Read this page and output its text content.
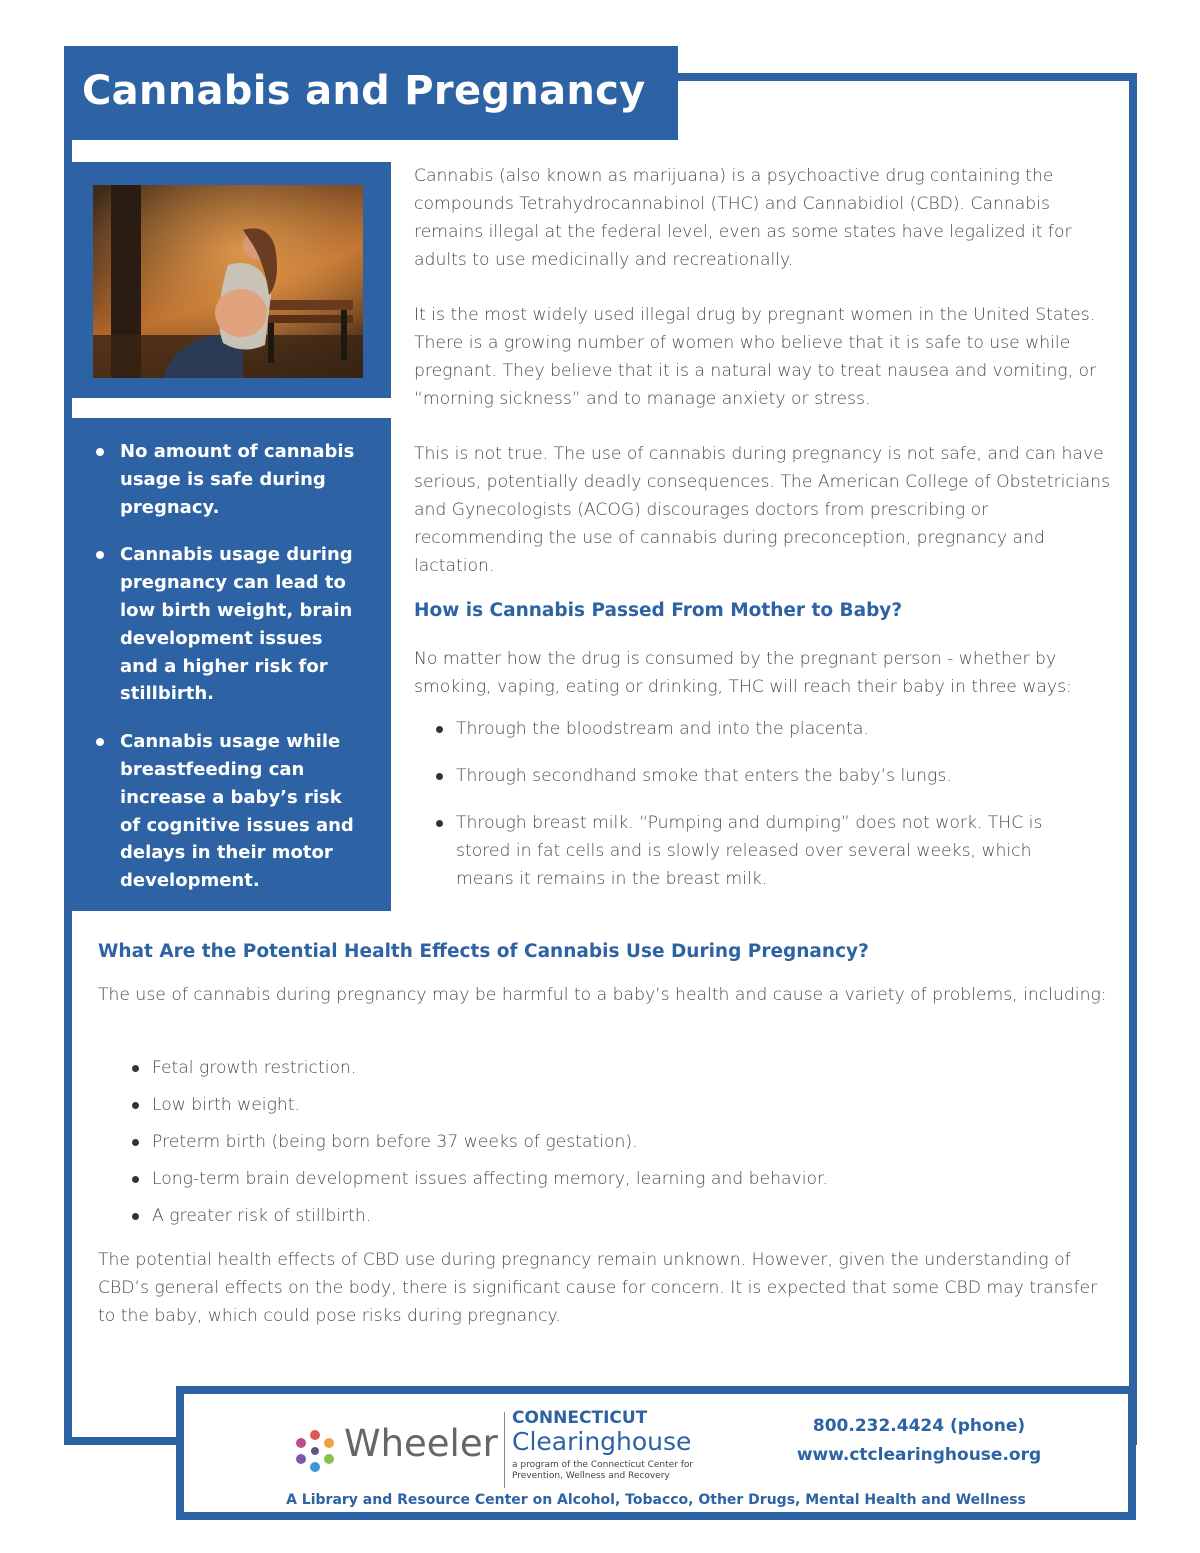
Cannabis and Pregnancy
No amount of cannabis usage is safe during pregnacy.
Cannabis usage during pregnancy can lead to low birth weight, brain development issues and a higher risk for stillbirth.
Cannabis usage while breastfeeding can increase a baby’s risk of cognitive issues and delays in their motor development.

Cannabis (also known as marijuana) is a psychoactive drug containing the compounds Tetrahydrocannabinol (THC) and Cannabidiol (CBD). Cannabis remains illegal at the federal level, even as some states have legalized it for adults to use medicinally and recreationally.

It is the most widely used illegal drug by pregnant women in the United States. There is a growing number of women who believe that it is safe to use while pregnant. They believe that it is a natural way to treat nausea and vomiting, or “morning sickness” and to manage anxiety or stress.

This is not true. The use of cannabis during pregnancy is not safe, and can have serious, potentially deadly consequences. The American College of Obstetricians and Gynecologists (ACOG) discourages doctors from prescribing or recommending the use of cannabis during preconception, pregnancy and lactation.

How is Cannabis Passed From Mother to Baby?

No matter how the drug is consumed by the pregnant person - whether by smoking, vaping, eating or drinking, THC will reach their baby in three ways:

Through the bloodstream and into the placenta.
Through secondhand smoke that enters the baby’s lungs.
Through breast milk. “Pumping and dumping” does not work. THC is stored in fat cells and is slowly released over several weeks, which means it remains in the breast milk.
What Are the Potential Health Effects of Cannabis Use During Pregnancy?

The use of cannabis during pregnancy may be harmful to a baby’s health and cause a variety of problems, including:

Fetal growth restriction.
Low birth weight.
Preterm birth (being born before 37 weeks of gestation).
Long-term brain development issues affecting memory, learning and behavior.
A greater risk of stillbirth.

The potential health effects of CBD use during pregnancy remain unknown. However, given the understanding of CBD’s general effects on the body, there is significant cause for concern. It is expected that some CBD may transfer to the baby, which could pose risks during pregnancy.

Wheeler
CONNECTICUT
Clearinghouse
a program of the Connecticut Center for Prevention, Wellness and Recovery
800.232.4424 (phone)
www.ctclearinghouse.org
A Library and Resource Center on Alcohol, Tobacco, Other Drugs, Mental Health and Wellness
